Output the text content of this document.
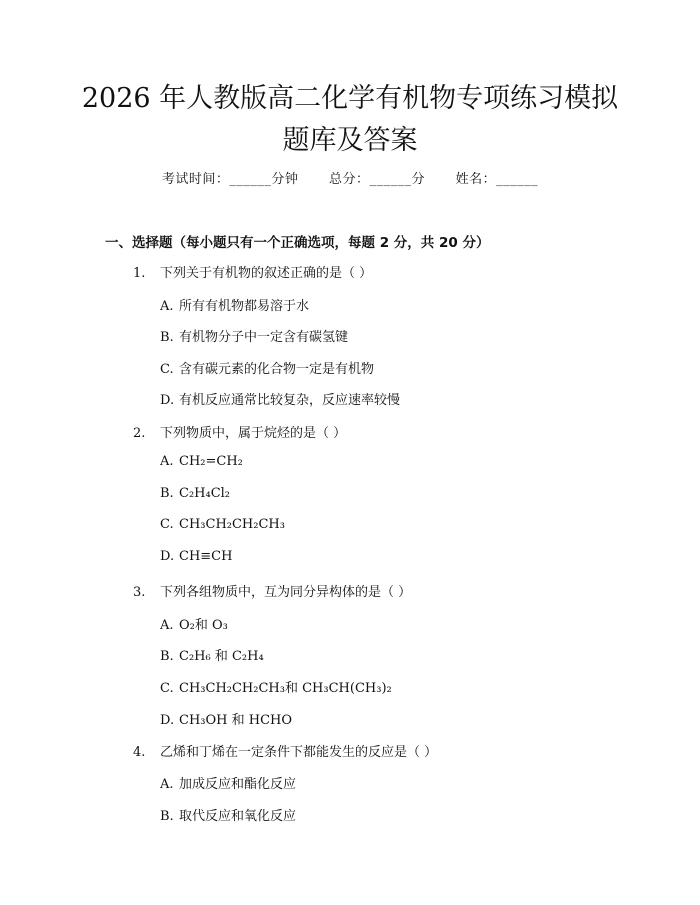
2026 年人教版高二化学有机物专项练习模拟
题库及答案
考试时间：______分钟 总分：______分 姓名：______
一、选择题（每小题只有一个正确选项，每题 2 分，共 20 分）
1. 下列关于有机物的叙述正确的是（ ）
A. 所有有机物都易溶于水
B. 有机物分子中一定含有碳氢键
C. 含有碳元素的化合物一定是有机物
D. 有机反应通常比较复杂，反应速率较慢
2. 下列物质中，属于烷烃的是（ ）
A. CH₂=CH₂
B. C₂H₄Cl₂
C. CH₃CH₂CH₂CH₃
D. CH≡CH
3. 下列各组物质中，互为同分异构体的是（ ）
A. O₂和 O₃
B. C₂H₆ 和 C₂H₄
C. CH₃CH₂CH₂CH₃和 CH₃CH(CH₃)₂
D. CH₃OH 和 HCHO
4. 乙烯和丁烯在一定条件下都能发生的反应是（ ）
A. 加成反应和酯化反应
B. 取代反应和氧化反应
